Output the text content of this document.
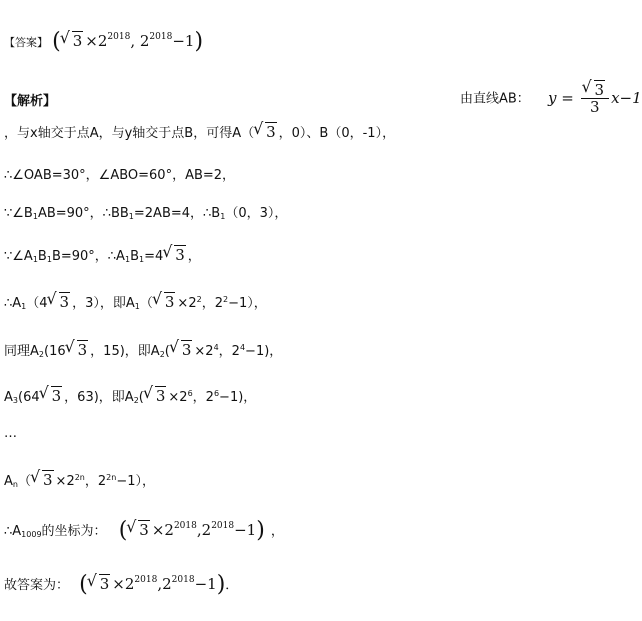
【答案】 (√ $3 \times 2^{2018}$, $2^{2018}-1$)
【解析】	由直线AB： y =
√ $\frac{3}{3} x-1$
，与x轴交于点A，与y轴交于点B，可得A（√ 3 ，0）、B（0，-1），
∴∠OAB=30°，∠ABO=60°，AB=2，
$\because\angle B_1AB=90^\circ$，$\therefore BB_1=2AB=4$，$\therefore B_1(0$，3），
$\because\angle A_1B_1B=90^\circ$，$\therefore A_1B_1=4√$ 3 ，
$\therefore A_1(4√$ 3 ，3），即$A_1(√$ $3 \times 2^2$，$2^2-1$），
同理$A_2(16√$ 3 ，15)，即$A_2(√$ $3 \times 2^4$，$2^4-1$)，
$A_3(64√$ 3 ，63)，即$A_2(√$ $3 \times 2^6$，$2^6-1$)，
…
$A_n(√$ $3 \times 2^{2n}$，$2^{2n}-1$），
$\therefore A_{1009}$的坐标为： (√ $3 \times 2^{2018},2^{2018}-1$) ，
故答案为： (√ $3 \times 2^{2018},2^{2018}-1$)．
